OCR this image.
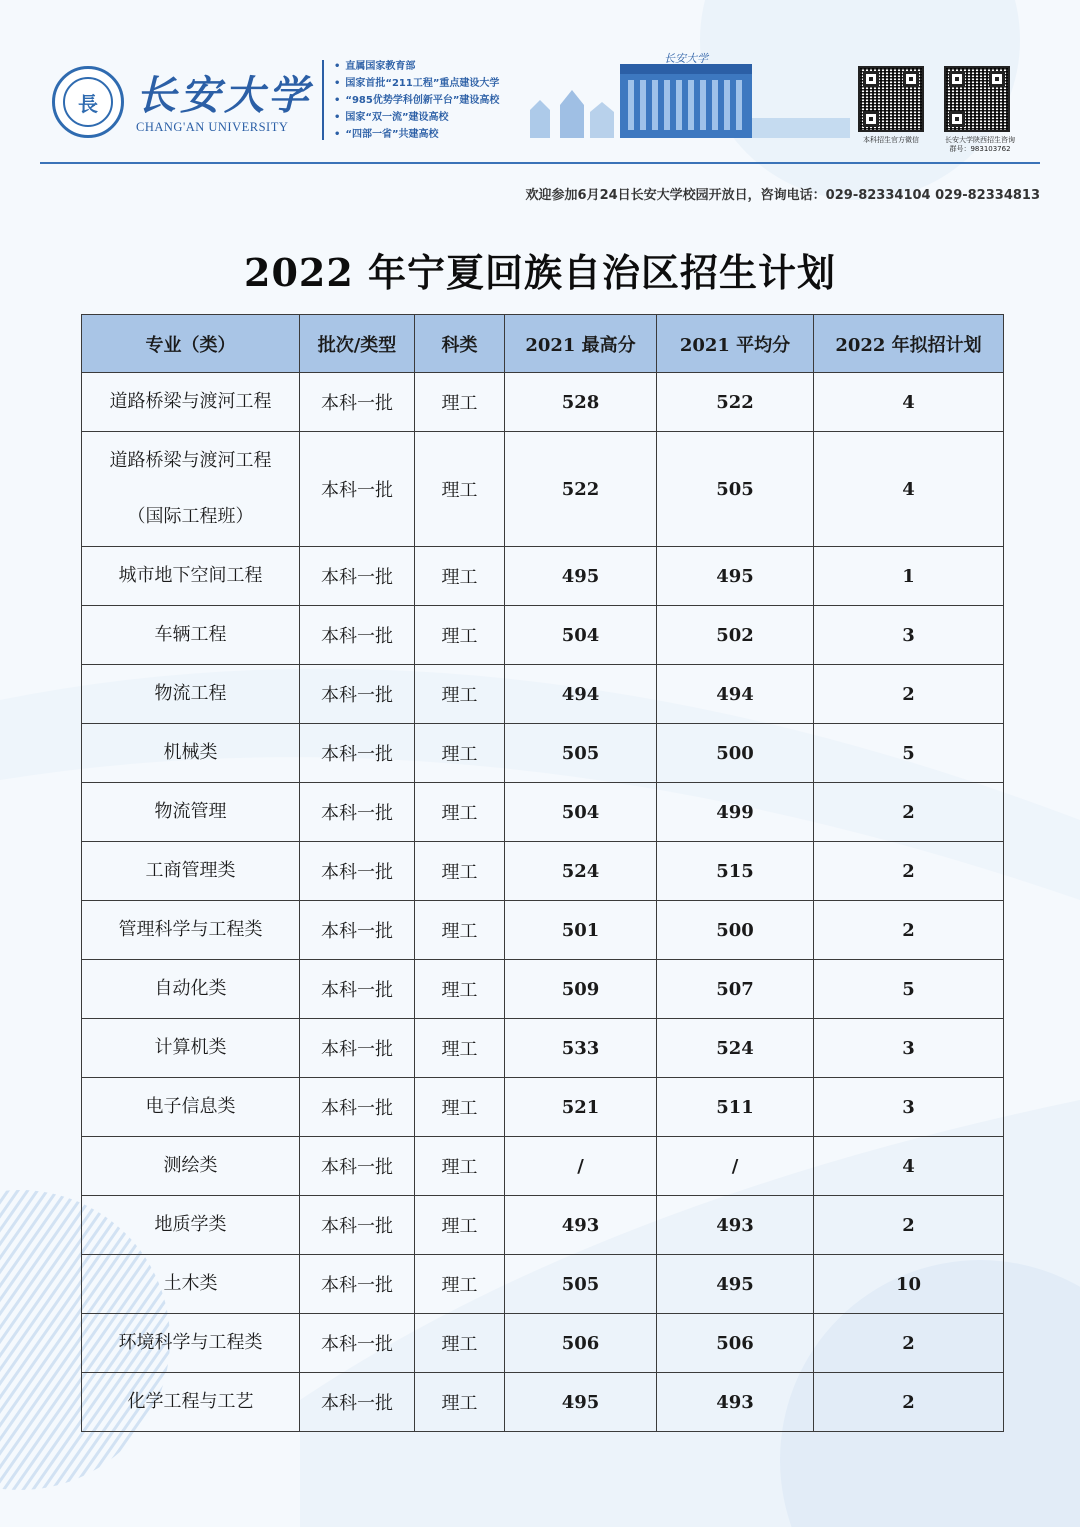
長 长安大学
CHANG'AN UNIVERSITY
• 直属国家教育部
• 国家首批“211工程”重点建设大学
• “985优势学科创新平台”建设高校
• 国家“双一流”建设高校
• “四部一省”共建高校
长安大学
本科招生官方微信	长安大学陕西招生咨询
群号：983103762
欢迎参加6月24日长安大学校园开放日，咨询电话：029-82334104 029-82334813
2022 年宁夏回族自治区招生计划
专业（类）	批次/类型	科类	2021 最高分	2021 平均分	2022 年拟招计划

道路桥梁与渡河工程	本科一批	理工	528	522	4

道路桥梁与渡河工程
（国际工程班）	本科一批	理工	522	505	4

城市地下空间工程	本科一批	理工	495	495	1

车辆工程	本科一批	理工	504	502	3

物流工程	本科一批	理工	494	494	2

机械类	本科一批	理工	505	500	5

物流管理	本科一批	理工	504	499	2

工商管理类	本科一批	理工	524	515	2

管理科学与工程类	本科一批	理工	501	500	2

自动化类	本科一批	理工	509	507	5

计算机类	本科一批	理工	533	524	3

电子信息类	本科一批	理工	521	511	3

测绘类	本科一批	理工	/	/	4

地质学类	本科一批	理工	493	493	2

土木类	本科一批	理工	505	495	10

环境科学与工程类	本科一批	理工	506	506	2

化学工程与工艺	本科一批	理工	495	493	2
